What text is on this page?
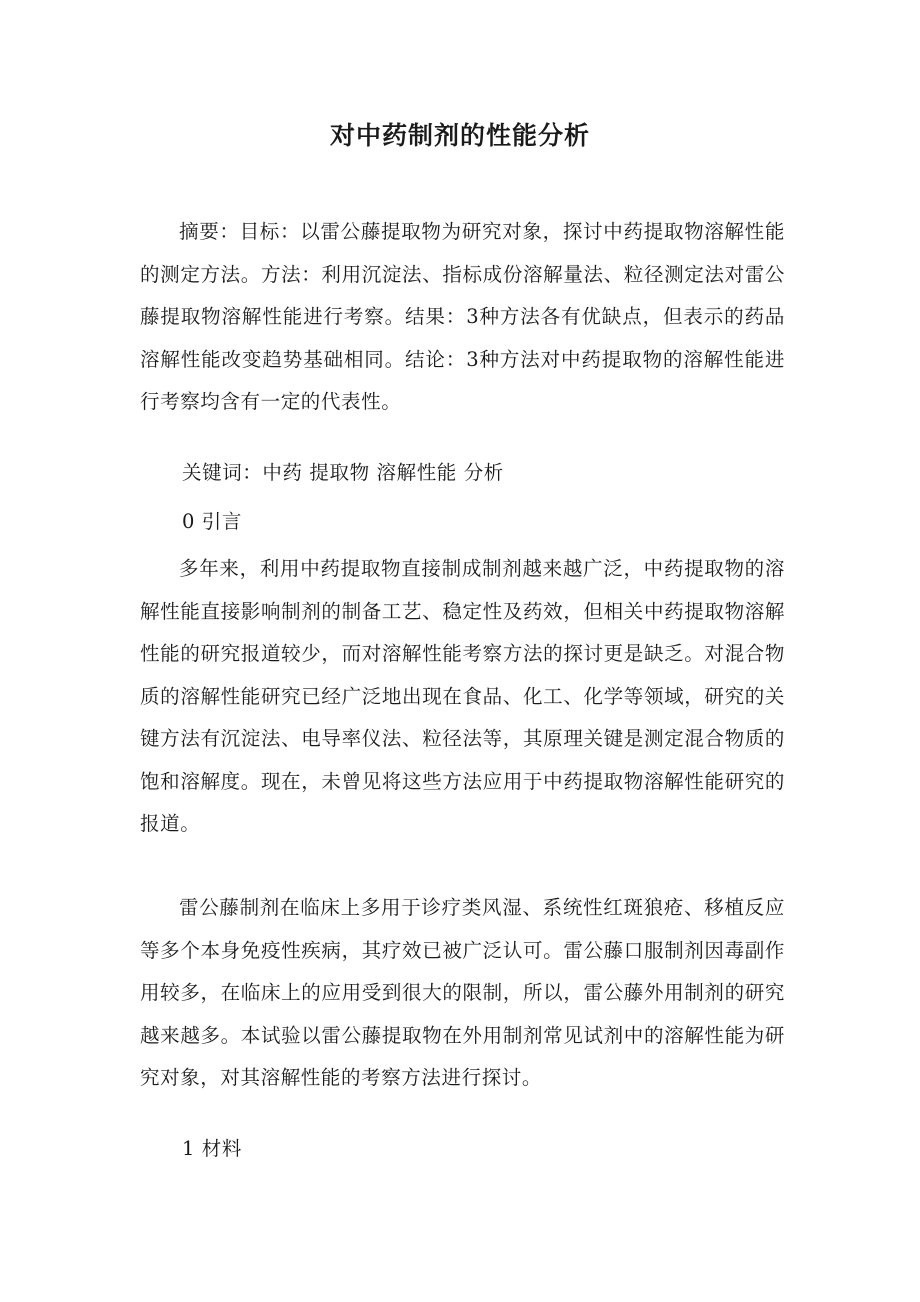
对中药制剂的性能分析

摘要：目标：以雷公藤提取物为研究对象，探讨中药提取物溶解性能的测定方法。方法：利用沉淀法、指标成份溶解量法、粒径测定法对雷公藤提取物溶解性能进行考察。结果：3种方法各有优缺点，但表示的药品溶解性能改变趋势基础相同。结论：3种方法对中药提取物的溶解性能进行考察均含有一定的代表性。

关键词：中药 提取物 溶解性能 分析

0 引言

多年来，利用中药提取物直接制成制剂越来越广泛，中药提取物的溶解性能直接影响制剂的制备工艺、稳定性及药效，但相关中药提取物溶解性能的研究报道较少，而对溶解性能考察方法的探讨更是缺乏。对混合物质的溶解性能研究已经广泛地出现在食品、化工、化学等领域，研究的关键方法有沉淀法、电导率仪法、粒径法等，其原理关键是测定混合物质的饱和溶解度。现在，未曾见将这些方法应用于中药提取物溶解性能研究的报道。

雷公藤制剂在临床上多用于诊疗类风湿、系统性红斑狼疮、移植反应等多个本身免疫性疾病，其疗效已被广泛认可。雷公藤口服制剂因毒副作用较多，在临床上的应用受到很大的限制，所以，雷公藤外用制剂的研究越来越多。本试验以雷公藤提取物在外用制剂常见试剂中的溶解性能为研究对象，对其溶解性能的考察方法进行探讨。

1 材料
